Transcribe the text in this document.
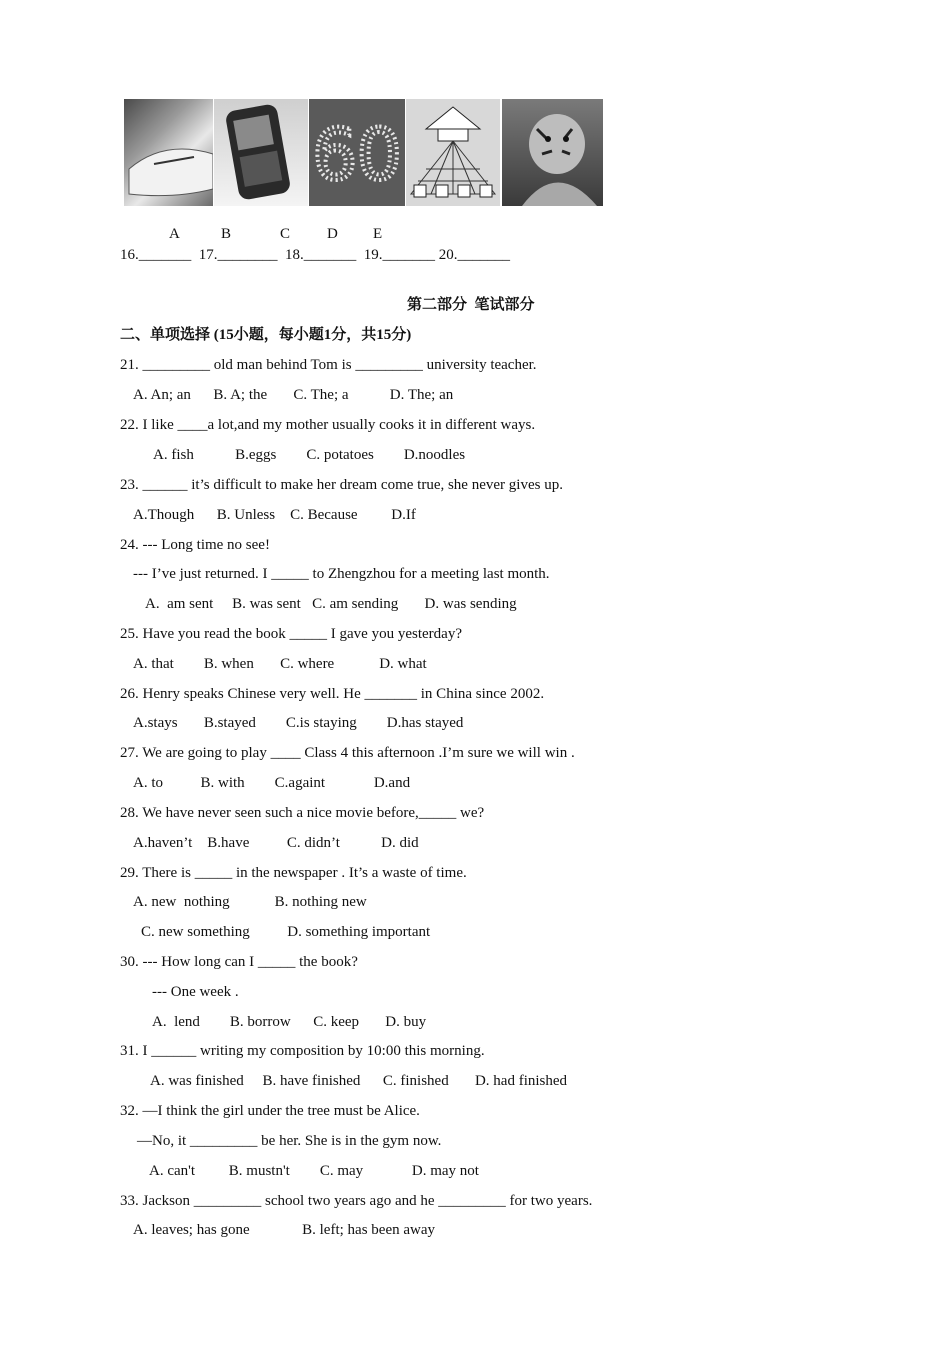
60
A	B	C D E
16._______  17.________  18._______  19._______ 20._______
第二部分  笔试部分
二、单项选择 (15小题，每小题1分，共15分)
21. _________ old man behind Tom is _________ university teacher.
A. An; an      B. A; the       C. The; a           D. The; an
22. I like ____a lot,and my mother usually cooks it in different ways.
A. fish           B.eggs        C. potatoes        D.noodles
23. ______ it’s difficult to make her dream come true, she never gives up.
A.Though      B. Unless    C. Because         D.If
24. --- Long time no see!
--- I’ve just returned. I _____ to Zhengzhou for a meeting last month.
A.  am sent     B. was sent   C. am sending       D. was sending
25. Have you read the book _____ I gave you yesterday?
A. that        B. when       C. where            D. what
26. Henry speaks Chinese very well. He _______ in China since 2002.
A.stays       B.stayed        C.is staying        D.has stayed
27. We are going to play ____ Class 4 this afternoon .I’m sure we will win .
A. to          B. with        C.againt             D.and
28. We have never seen such a nice movie before,_____ we?
A.haven’t    B.have          C. didn’t           D. did
29. There is _____ in the newspaper . It’s a waste of time.
A. new  nothing            B. nothing new
C. new something          D. something important
30. --- How long can I _____ the book?
--- One week .
A.  lend        B. borrow      C. keep       D. buy
31. I ______ writing my composition by 10:00 this morning.
A. was finished     B. have finished      C. finished       D. had finished
32. —I think the girl under the tree must be Alice.
—No, it _________ be her. She is in the gym now.
A. can't         B. mustn't        C. may             D. may not
33. Jackson _________ school two years ago and he _________ for two years.
A. leaves; has gone              B. left; has been away
